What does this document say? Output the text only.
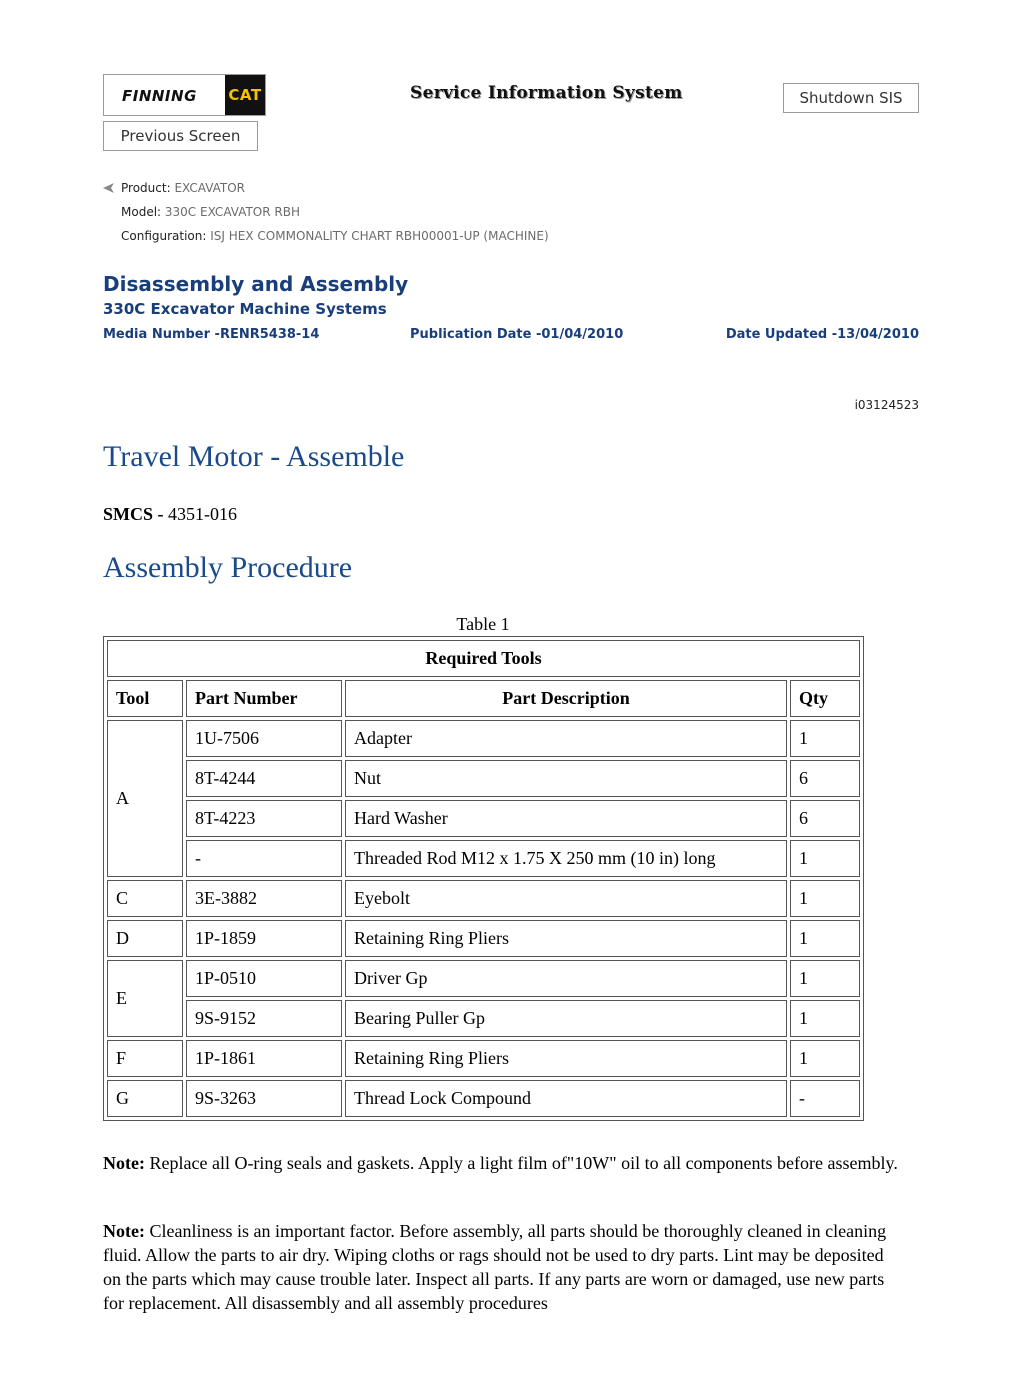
FINNING CAT	Service Information System	Shutdown SIS
Previous Screen
Product: EXCAVATOR
Model: 330C EXCAVATOR RBH
Configuration: ISJ HEX COMMONALITY CHART RBH00001-UP (MACHINE)
Disassembly and Assembly
330C Excavator Machine Systems
Media Number -RENR5438-14	Publication Date -01/04/2010	Date Updated -13/04/2010
i03124523
Travel Motor - Assemble
SMCS - 4351-016
Assembly Procedure
Table 1
Required Tools			
Tool	Part Number	Part Description	Qty
A	1U-7506	Adapter	1
	8T-4244	Nut	6
	8T-4223	Hard Washer	6
	-	Threaded Rod M12 x 1.75 X 250 mm (10 in) long	1
C	3E-3882	Eyebolt	1
D	1P-1859	Retaining Ring Pliers	1
E	1P-0510	Driver Gp	1
	9S-9152	Bearing Puller Gp	1
F	1P-1861	Retaining Ring Pliers	1
G	9S-3263	Thread Lock Compound	-
Note: Replace all O-ring seals and gaskets. Apply a light film of"10W" oil to all components before assembly.
Note: Cleanliness is an important factor. Before assembly, all parts should be thoroughly cleaned in cleaning fluid. Allow the parts to air dry. Wiping cloths or rags should not be used to dry parts. Lint may be deposited on the parts which may cause trouble later. Inspect all parts. If any parts are worn or damaged, use new parts for replacement. All disassembly and all assembly procedures
